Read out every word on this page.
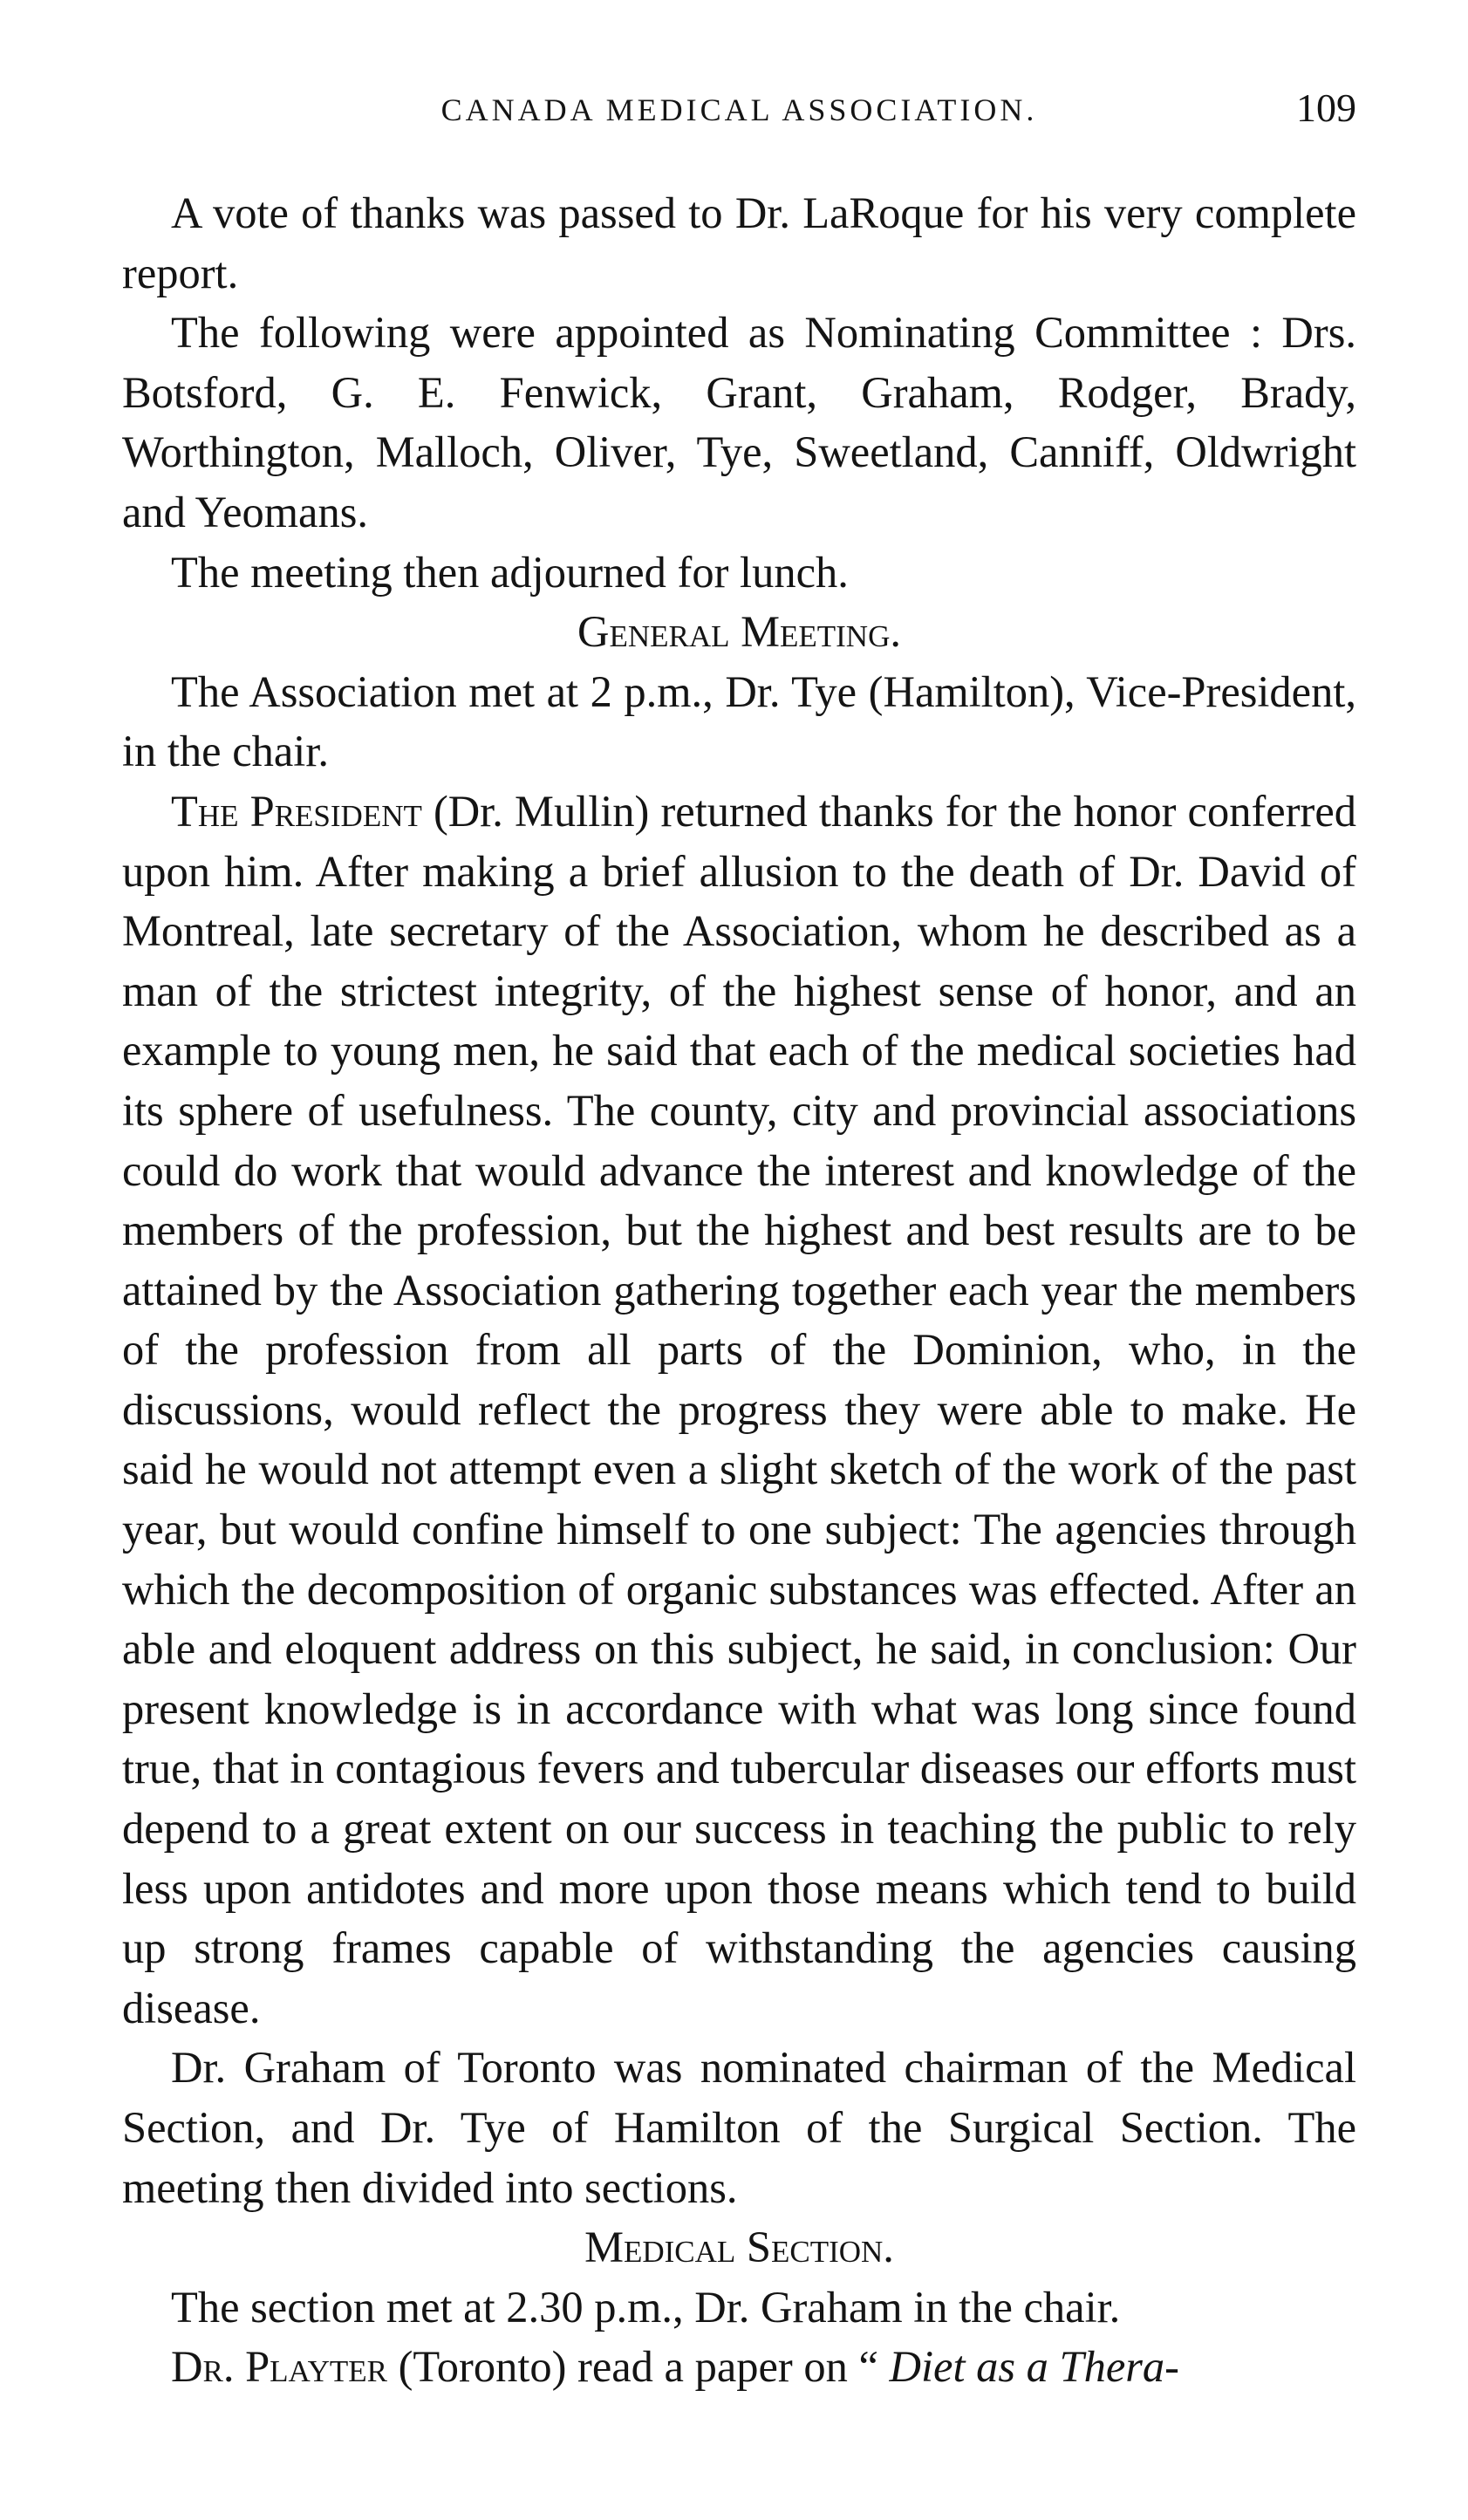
CANADA MEDICAL ASSOCIATION.	109

A vote of thanks was passed to Dr. LaRoque for his very complete report.

The following were appointed as Nominating Committee : Drs. Botsford, G. E. Fenwick, Grant, Graham, Rodger, Brady, Worthington, Malloch, Oliver, Tye, Sweetland, Canniff, Oldwright and Yeomans.

The meeting then adjourned for lunch.

General Meeting.

The Association met at 2 p.m., Dr. Tye (Hamilton), Vice-President, in the chair.

The President (Dr. Mullin) returned thanks for the honor conferred upon him. After making a brief allusion to the death of Dr. David of Montreal, late secretary of the Association, whom he described as a man of the strictest integrity, of the highest sense of honor, and an example to young men, he said that each of the medical societies had its sphere of usefulness. The county, city and provincial associations could do work that would advance the interest and knowledge of the members of the profession, but the highest and best results are to be attained by the Association gathering together each year the members of the profession from all parts of the Dominion, who, in the discussions, would reflect the progress they were able to make. He said he would not attempt even a slight sketch of the work of the past year, but would confine himself to one subject: The agencies through which the decomposition of organic substances was effected. After an able and eloquent address on this subject, he said, in conclusion: Our present knowledge is in accordance with what was long since found true, that in contagious fevers and tubercular diseases our efforts must depend to a great extent on our success in teaching the public to rely less upon antidotes and more upon those means which tend to build up strong frames capable of withstanding the agencies causing disease.

Dr. Graham of Toronto was nominated chairman of the Medical Section, and Dr. Tye of Hamilton of the Surgical Section. The meeting then divided into sections.

Medical Section.

The section met at 2.30 p.m., Dr. Graham in the chair.

Dr. Playter (Toronto) read a paper on “ Diet as a Thera-
